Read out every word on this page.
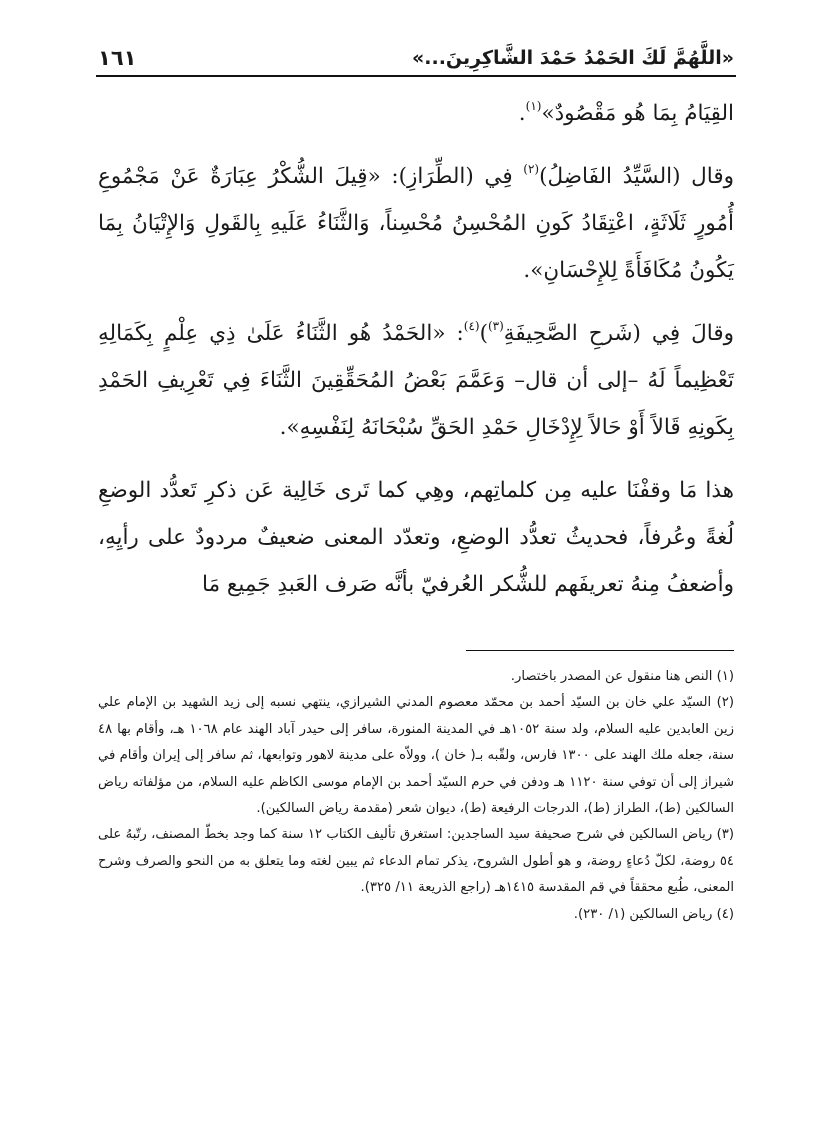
«اللَّهُمَّ لَكَ الحَمْدُ حَمْدَ الشَّاكِرِينَ...»
١٦١

القِيَامُ بِمَا هُو مَقْصُودٌ»$^{(١)}$.

وقال (السَّيِّدُ الفَاضِلُ)$^{(٢)}$ فِي (الطِّرَازِ): «قِيلَ الشُّكْرُ عِبَارَةٌ عَنْ مَجْمُوعِ أُمُورٍ ثَلَاثَةٍ، اعْتِقَادُ كَونِ المُحْسِنُ مُحْسِناً، وَالثَّنَاءُ عَلَيهِ بِالقَولِ وَالإِتْيَانُ بِمَا يَكُونُ مُكَافَأَةً لِلإِحْسَانِ».

وقالَ فِي (شَرحِ الصَّحِيفَةِ$^{(٣)}$)$^{(٤)}$: «الحَمْدُ هُو الثَّنَاءُ عَلَىٰ ذِي عِلْمٍ بِكَمَالِهِ تَعْظِيماً لَهُ –إلى أن قال– وَعَمَّمَ بَعْضُ المُحَقِّقِينَ الثَّنَاءَ فِي تَعْرِيفِ الحَمْدِ بِكَونِهِ قَالاً أَوْ حَالاً لِإِدْخَالِ حَمْدِ الحَقِّ سُبْحَانَهُ لِنَفْسِهِ».

هذا مَا وقفْنَا عليه مِن كلماتِهم، وهِي كما تَرى خَالِية عَن ذكرِ تَعدُّد الوضعِ لُغةً وعُرفاً، فحديثُ تعدُّد الوضعِ، وتعدّد المعنى ضعيفٌ مردودٌ على رأيِهِ، وأضعفُ مِنهُ تعريفَهم للشُّكر العُرفيّ بأنَّه صَرف العَبدِ جَمِيع مَا

(١) النص هنا منقول عن المصدر باختصار.

(٢) السيّد علي خان بن السيّد أحمد بن محمّد معصوم المدني الشيرازي، ينتهي نسبه إلى زيد الشهيد بن الإمام علي زين العابدين عليه السلام، ولد سنة ١٠٥٢هـ في المدينة المنورة، سافر إلى حيدر آباد الهند عام ١٠٦٨ هـ، وأقام بها ٤٨ سنة، جعله ملك الهند على ١٣٠٠ فارس، ولقّبه بـ( خان )، وولاّه على مدينة لاهور وتوابعها، ثم سافر إلى إيران وأقام في شيراز إلى أن توفي سنة ١١٢٠ هـ ودفن في حرم السيّد أحمد بن الإمام موسى الكاظم عليه السلام، من مؤلفاته رياض السالكين (ط)، الطراز (ط)، الدرجات الرفيعة (ط)، ديوان شعر (مقدمة رياض السالكين).

(٣) رياض السالكين في شرح صحيفة سيد الساجدين: استغرق تأليف الكتاب ١٢ سنة كما وجد بخطّ المصنف، رتّبهُ على ٥٤ روضة، لكلّ دُعاءٍ روضة، و هو أطول الشروح، يذكر تمام الدعاء ثم يبين لغته وما يتعلق به من النحو والصرف وشرح المعنى، طُبع محققاً في قم المقدسة ١٤١٥هـ (راجع الذريعة ١١/ ٣٢٥).

(٤) رياض السالكين (١/ ٢٣٠).
